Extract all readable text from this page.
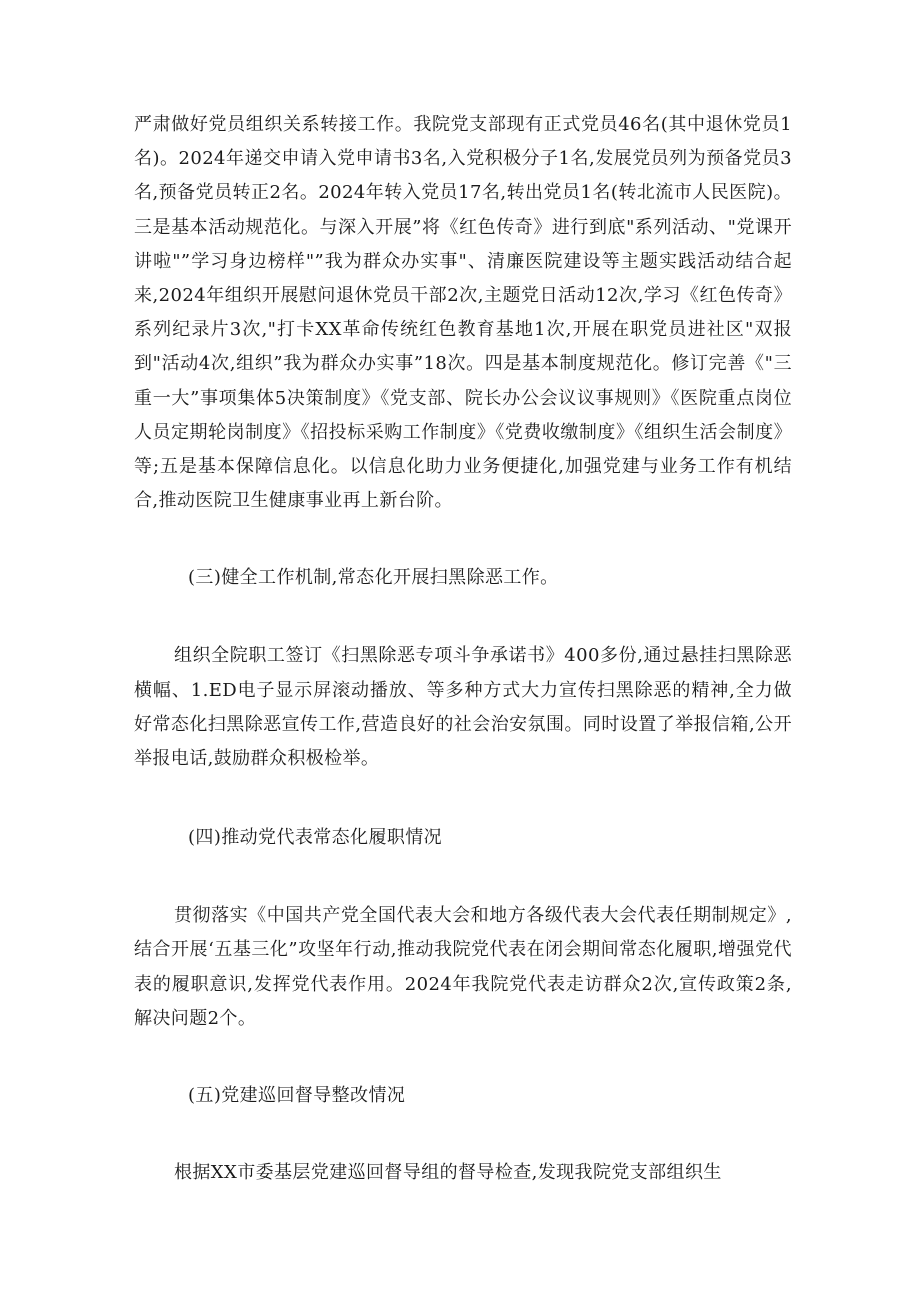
严肃做好党员组织关系转接工作。我院党支部现有正式党员46名(其中退休党员1名)。2024年递交申请入党申请书3名,入党积极分子1名,发展党员列为预备党员3名,预备党员转正2名。2024年转入党员17名,转出党员1名(转北流市人民医院)。三是基本活动规范化。与深入开展”将《红色传奇》进行到底"系列活动、"党课开讲啦"”学习身边榜样"”我为群众办实事"、清廉医院建设等主题实践活动结合起来,2024年组织开展慰问退休党员干部2次,主题党日活动12次,学习《红色传奇》系列纪录片3次,"打卡XX革命传统红色教育基地1次,开展在职党员进社区"双报到"活动4次,组织”我为群众办实事”18次。四是基本制度规范化。修订完善《"三重一大”事项集体5决策制度》《党支部、院长办公会议议事规则》《医院重点岗位人员定期轮岗制度》《招投标采购工作制度》《党费收缴制度》《组织生活会制度》等;五是基本保障信息化。以信息化助力业务便捷化,加强党建与业务工作有机结合,推动医院卫生健康事业再上新台阶。

(三)健全工作机制,常态化开展扫黑除恶工作。

组织全院职工签订《扫黑除恶专项斗争承诺书》400多份,通过悬挂扫黑除恶横幅、1.ED电子显示屏滚动播放、等多种方式大力宣传扫黑除恶的精神,全力做好常态化扫黑除恶宣传工作,营造良好的社会治安氛围。同时设置了举报信箱,公开举报电话,鼓励群众积极检举。

(四)推动党代表常态化履职情况

贯彻落实《中国共产党全国代表大会和地方各级代表大会代表任期制规定》,结合开展‘五基三化”攻坚年行动,推动我院党代表在闭会期间常态化履职,增强党代表的履职意识,发挥党代表作用。2024年我院党代表走访群众2次,宣传政策2条,解决问题2个。

(五)党建巡回督导整改情况

根据XX市委基层党建巡回督导组的督导检查,发现我院党支部组织生
